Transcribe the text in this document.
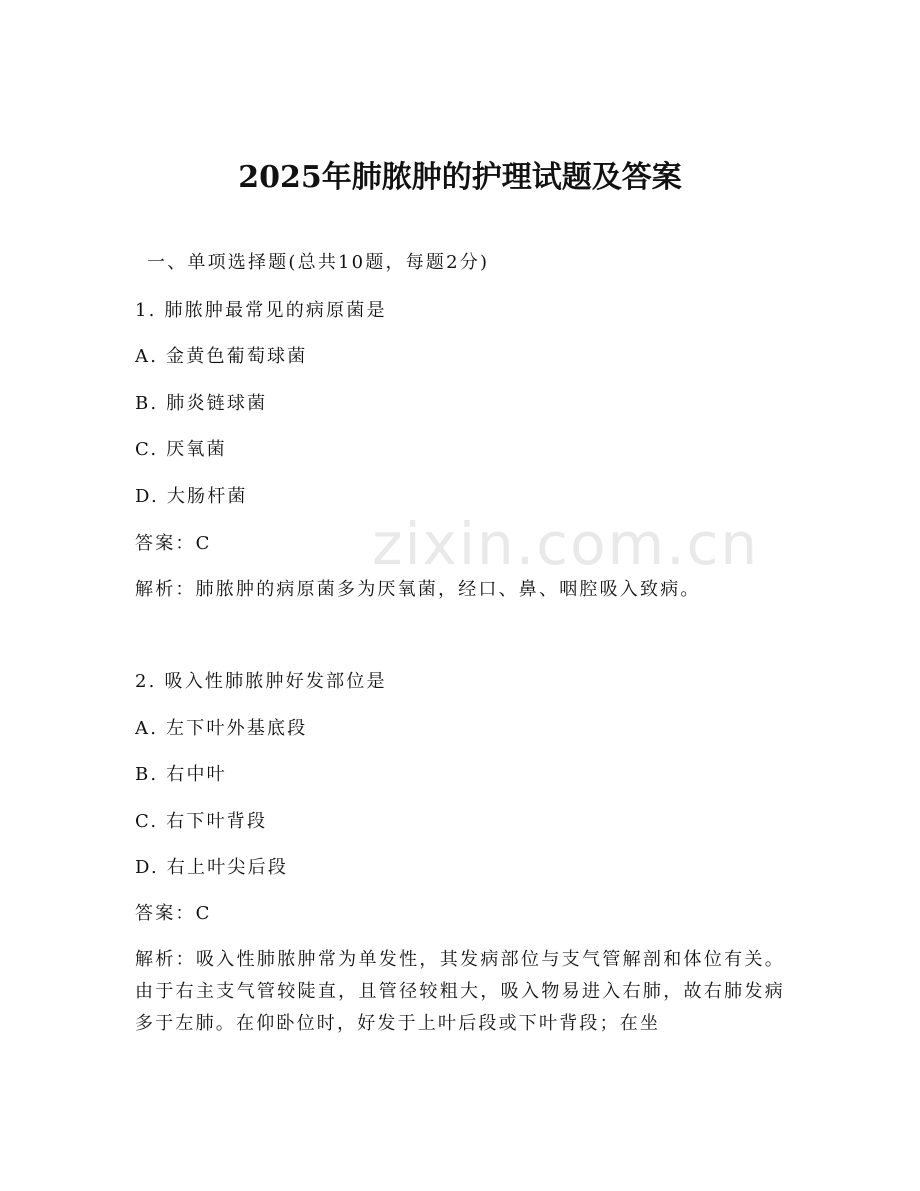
zixin.com.cn
2025年肺脓肿的护理试题及答案
一、单项选择题(总共10题，每题2分)
1. 肺脓肿最常见的病原菌是
A. 金黄色葡萄球菌
B. 肺炎链球菌
C. 厌氧菌
D. 大肠杆菌
答案：C
解析：肺脓肿的病原菌多为厌氧菌，经口、鼻、咽腔吸入致病。
2. 吸入性肺脓肿好发部位是
A. 左下叶外基底段
B. 右中叶
C. 右下叶背段
D. 右上叶尖后段
答案：C
解析：吸入性肺脓肿常为单发性，其发病部位与支气管解剖和体位有关。由于右主支气管较陡直，且管径较粗大，吸入物易进入右肺，故右肺发病多于左肺。在仰卧位时，好发于上叶后段或下叶背段；在坐
